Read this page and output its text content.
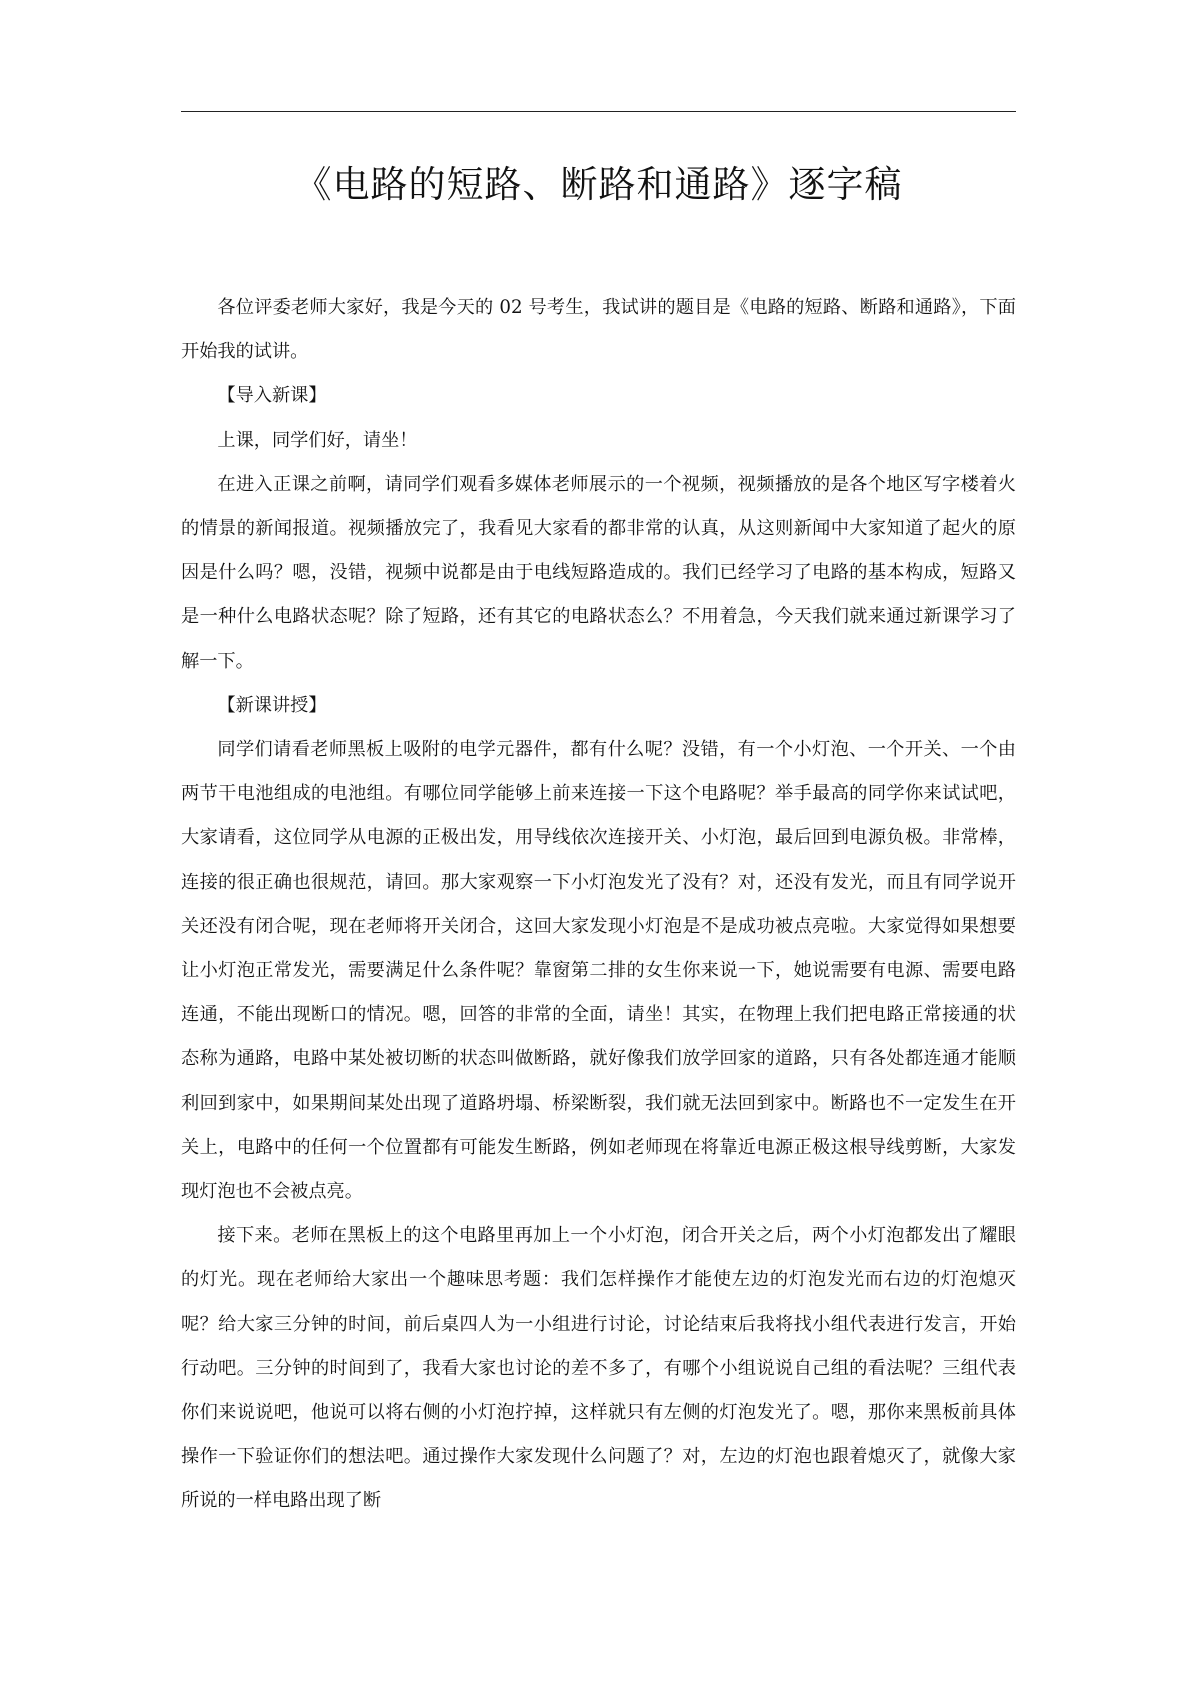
《电路的短路、断路和通路》逐字稿

各位评委老师大家好，我是今天的 02 号考生，我试讲的题目是《电路的短路、断路和通路》，下面开始我的试讲。

【导入新课】

上课，同学们好，请坐！

在进入正课之前啊，请同学们观看多媒体老师展示的一个视频，视频播放的是各个地区写字楼着火的情景的新闻报道。视频播放完了，我看见大家看的都非常的认真，从这则新闻中大家知道了起火的原因是什么吗？嗯，没错，视频中说都是由于电线短路造成的。我们已经学习了电路的基本构成，短路又是一种什么电路状态呢？除了短路，还有其它的电路状态么？不用着急，今天我们就来通过新课学习了解一下。

【新课讲授】

同学们请看老师黑板上吸附的电学元器件，都有什么呢？没错，有一个小灯泡、一个开关、一个由两节干电池组成的电池组。有哪位同学能够上前来连接一下这个电路呢？举手最高的同学你来试试吧，大家请看，这位同学从电源的正极出发，用导线依次连接开关、小灯泡，最后回到电源负极。非常棒，连接的很正确也很规范，请回。那大家观察一下小灯泡发光了没有？对，还没有发光，而且有同学说开关还没有闭合呢，现在老师将开关闭合，这回大家发现小灯泡是不是成功被点亮啦。大家觉得如果想要让小灯泡正常发光，需要满足什么条件呢？靠窗第二排的女生你来说一下，她说需要有电源、需要电路连通，不能出现断口的情况。嗯，回答的非常的全面，请坐！其实，在物理上我们把电路正常接通的状态称为通路，电路中某处被切断的状态叫做断路，就好像我们放学回家的道路，只有各处都连通才能顺利回到家中，如果期间某处出现了道路坍塌、桥梁断裂，我们就无法回到家中。断路也不一定发生在开关上，电路中的任何一个位置都有可能发生断路，例如老师现在将靠近电源正极这根导线剪断，大家发现灯泡也不会被点亮。

接下来。老师在黑板上的这个电路里再加上一个小灯泡，闭合开关之后，两个小灯泡都发出了耀眼的灯光。现在老师给大家出一个趣味思考题：我们怎样操作才能使左边的灯泡发光而右边的灯泡熄灭呢？给大家三分钟的时间，前后桌四人为一小组进行讨论，讨论结束后我将找小组代表进行发言，开始行动吧。三分钟的时间到了，我看大家也讨论的差不多了，有哪个小组说说自己组的看法呢？三组代表你们来说说吧，他说可以将右侧的小灯泡拧掉，这样就只有左侧的灯泡发光了。嗯，那你来黑板前具体操作一下验证你们的想法吧。通过操作大家发现什么问题了？对，左边的灯泡也跟着熄灭了，就像大家所说的一样电路出现了断
